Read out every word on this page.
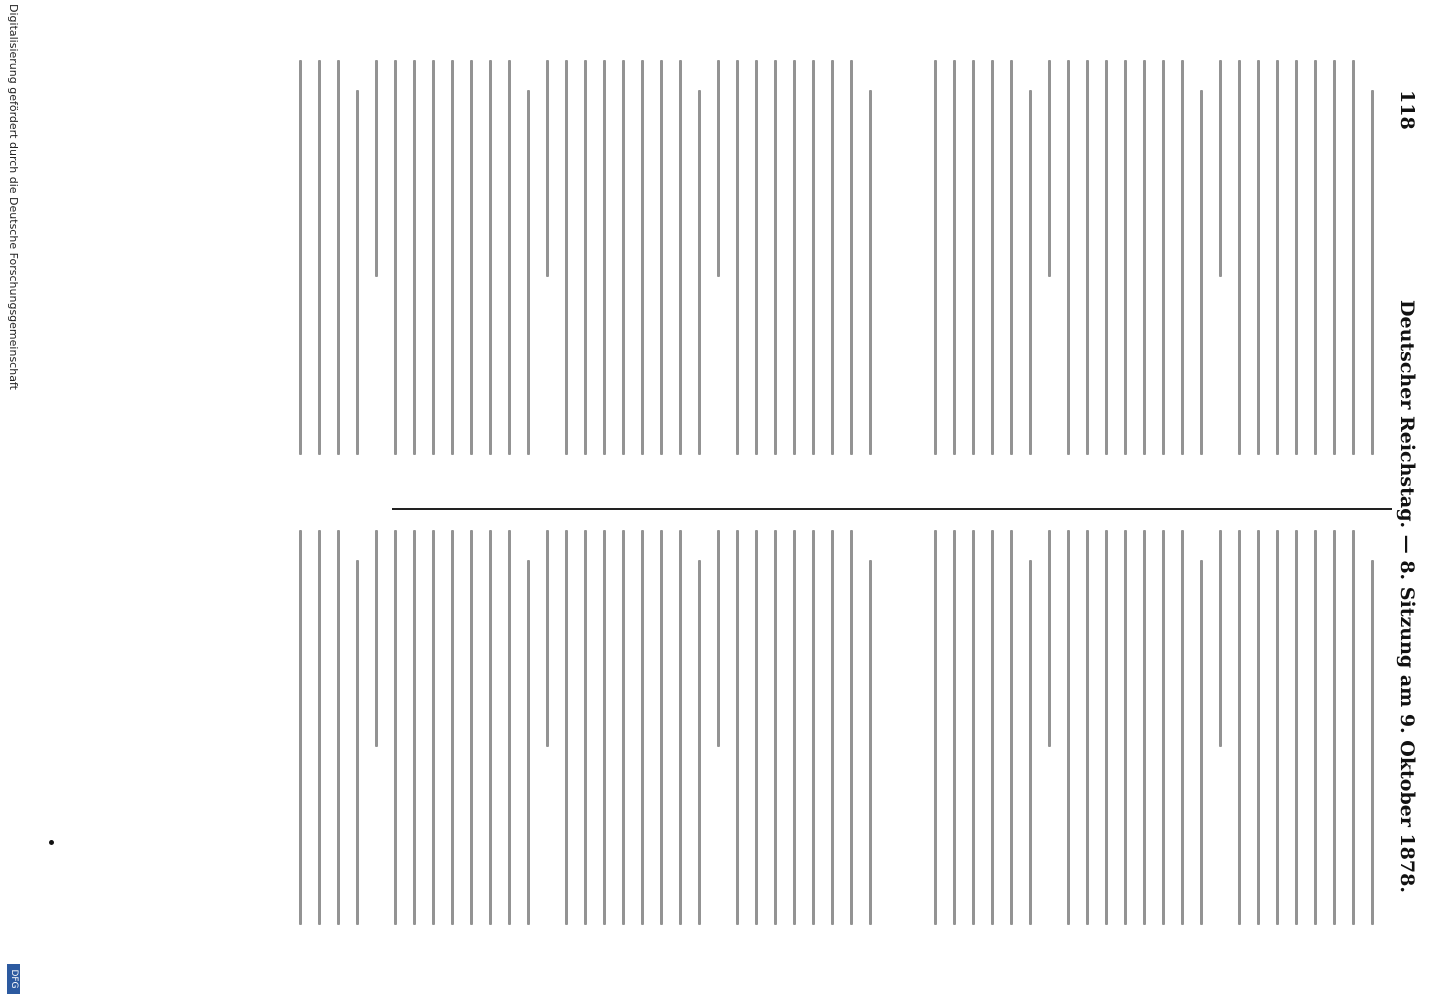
118
Deutscher Reichstag. — 8. Sitzung am 9. Oktober 1878.
Digitalisierung gefördert durch die Deutsche Forschungsgemeinschaft
DFG
